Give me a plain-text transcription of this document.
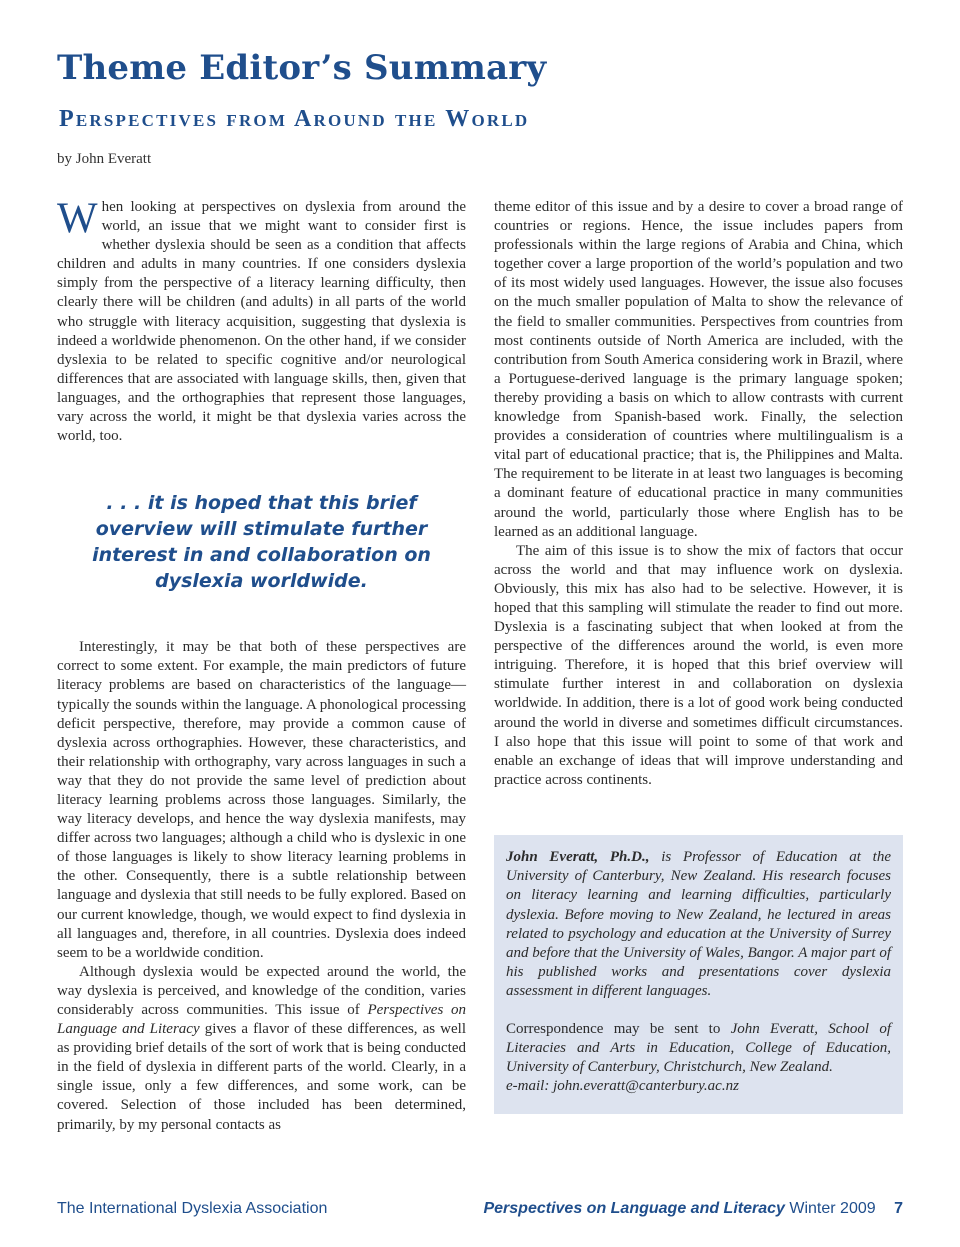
Theme Editor’s Summary
Perspectives from Around the World
by John Everatt

When looking at perspectives on dyslexia from around the world, an issue that we might want to consider first is whether dyslexia should be seen as a condition that affects children and adults in many countries. If one considers dyslexia simply from the perspective of a literacy learning difficulty, then clearly there will be children (and adults) in all parts of the world who struggle with literacy acquisition, suggesting that dyslexia is indeed a worldwide phenomenon. On the other hand, if we consider dyslexia to be related to specific cognitive and/or neurological differences that are associated with language skills, then, given that languages, and the orthographies that represent those languages, vary across the world, it might be that dyslexia varies across the world, too.

. . . it is hoped that this brief overview will stimulate further interest in and collaboration on dyslexia worldwide.

Interestingly, it may be that both of these perspectives are correct to some extent. For example, the main predictors of future literacy problems are based on characteristics of the language—typically the sounds within the language. A phonological processing deficit perspective, therefore, may provide a common cause of dyslexia across orthographies. However, these characteristics, and their relationship with orthography, vary across languages in such a way that they do not provide the same level of prediction about literacy learning problems across those languages. Similarly, the way literacy develops, and hence the way dyslexia manifests, may differ across two languages; although a child who is dyslexic in one of those languages is likely to show literacy learning problems in the other. Consequently, there is a subtle relationship between language and dyslexia that still needs to be fully explored. Based on our current knowledge, though, we would expect to find dyslexia in all languages and, therefore, in all countries. Dyslexia does indeed seem to be a worldwide condition.

Although dyslexia would be expected around the world, the way dyslexia is perceived, and knowledge of the condition, varies considerably across communities. This issue of Perspectives on Language and Literacy gives a flavor of these differences, as well as providing brief details of the sort of work that is being conducted in the field of dyslexia in different parts of the world. Clearly, in a single issue, only a few differences, and some work, can be covered. Selection of those included has been determined, primarily, by my personal contacts as

theme editor of this issue and by a desire to cover a broad range of countries or regions. Hence, the issue includes papers from professionals within the large regions of Arabia and China, which together cover a large proportion of the world’s population and two of its most widely used languages. However, the issue also focuses on the much smaller population of Malta to show the relevance of the field to smaller communities. Perspectives from countries from most continents outside of North America are included, with the contribution from South America considering work in Brazil, where a Portuguese-derived language is the primary language spoken; thereby providing a basis on which to allow contrasts with current knowledge from Spanish-based work. Finally, the selection provides a consideration of countries where multilingualism is a vital part of educational practice; that is, the Philippines and Malta. The requirement to be literate in at least two languages is becoming a dominant feature of educational practice in many communities around the world, particularly those where English has to be learned as an additional language.

The aim of this issue is to show the mix of factors that occur across the world and that may influence work on dyslexia. Obviously, this mix has also had to be selective. However, it is hoped that this sampling will stimulate the reader to find out more. Dyslexia is a fascinating subject that when looked at from the perspective of the differences around the world, is even more intriguing. Therefore, it is hoped that this brief overview will stimulate further interest in and collaboration on dyslexia worldwide. In addition, there is a lot of good work being conducted around the world in diverse and sometimes difficult circumstances. I also hope that this issue will point to some of that work and enable an exchange of ideas that will improve understanding and practice across continents.

John Everatt, Ph.D., is Professor of Education at the University of Canterbury, New Zealand. His research focuses on literacy learning and learning difficulties, particularly dyslexia. Before moving to New Zealand, he lectured in areas related to psychology and education at the University of Surrey and before that the University of Wales, Bangor. A major part of his published works and presentations cover dyslexia assessment in different languages.

Correspondence may be sent to John Everatt, School of Literacies and Arts in Education, College of Education, University of Canterbury, Christchurch, New Zealand.

e-mail: john.everatt@canterbury.ac.nz

The International Dyslexia Association	Perspectives on Language and Literacy Winter 2009 7
